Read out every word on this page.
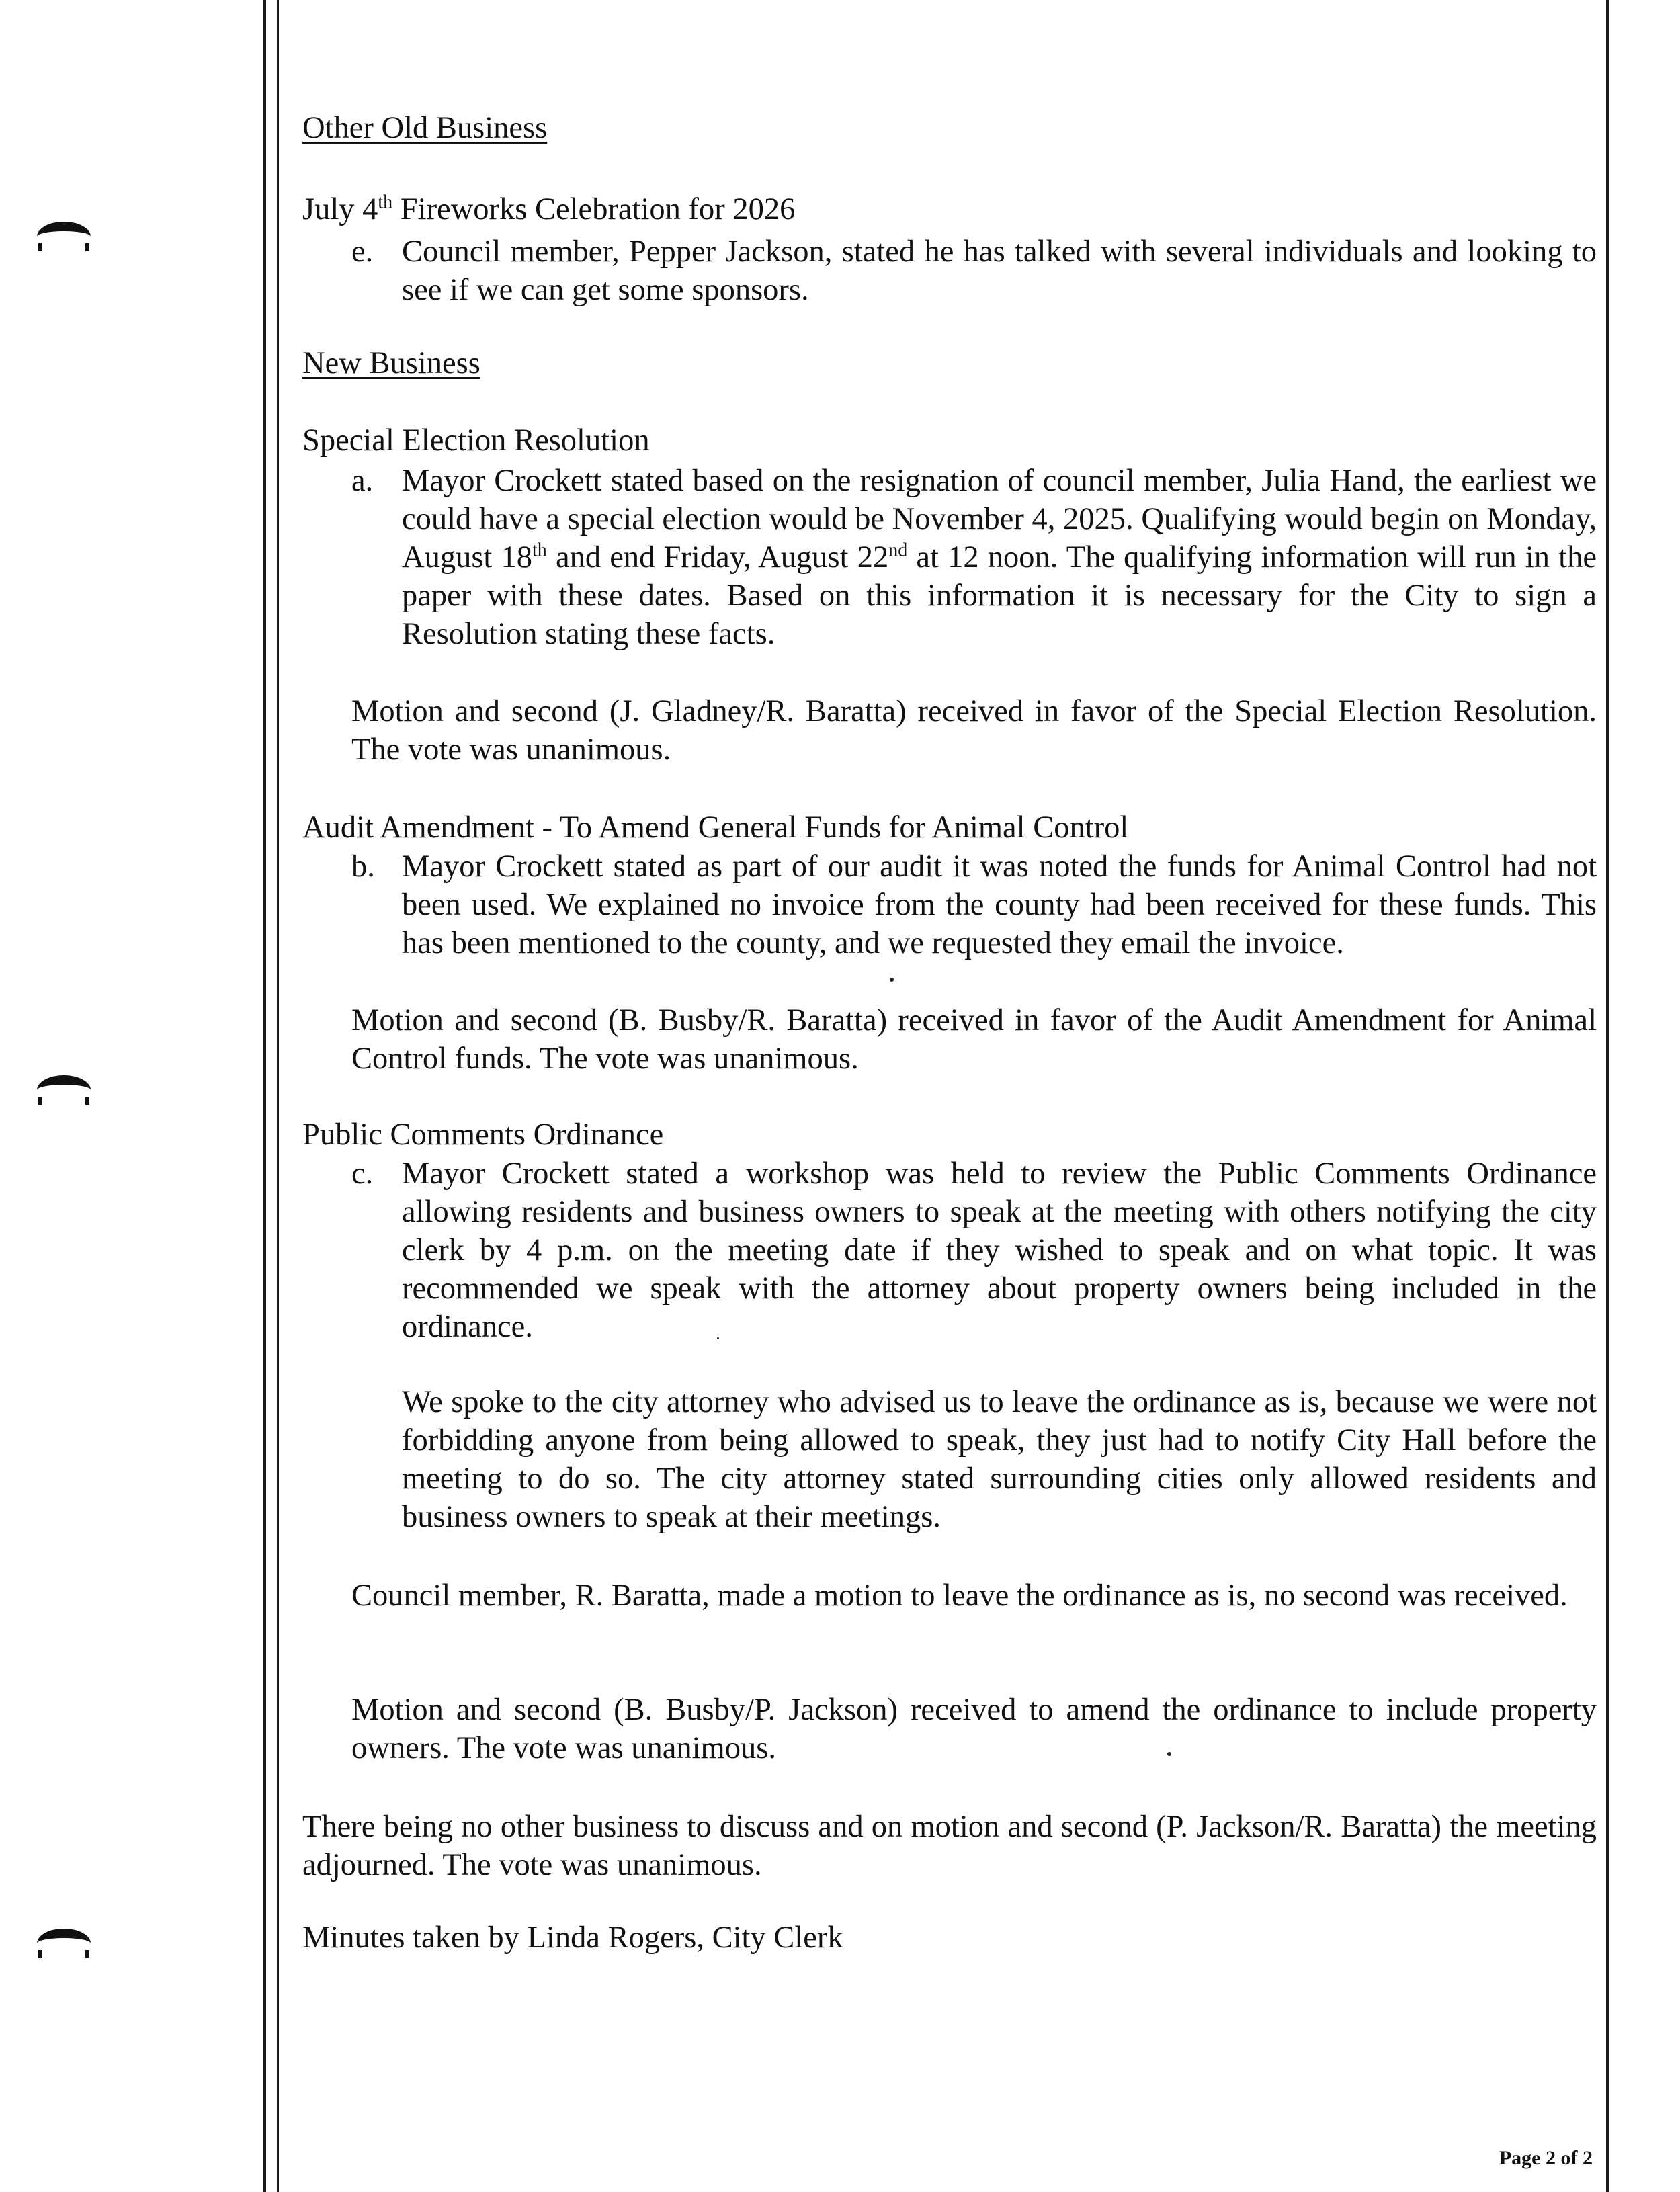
Other Old Business
July 4th Fireworks Celebration for 2026
e. Council member, Pepper Jackson, stated he has talked with several individuals and looking to see if we can get some sponsors.
New Business
Special Election Resolution
a. Mayor Crockett stated based on the resignation of council member, Julia Hand, the earliest we could have a special election would be November 4, 2025. Qualifying would begin on Monday, August 18th and end Friday, August 22nd at 12 noon. The qualifying information will run in the paper with these dates. Based on this information it is necessary for the City to sign a Resolution stating these facts.
Motion and second (J. Gladney/R. Baratta) received in favor of the Special Election Resolution. The vote was unanimous.
Audit Amendment - To Amend General Funds for Animal Control
b. Mayor Crockett stated as part of our audit it was noted the funds for Animal Control had not been used. We explained no invoice from the county had been received for these funds. This has been mentioned to the county, and we requested they email the invoice.
Motion and second (B. Busby/R. Baratta) received in favor of the Audit Amendment for Animal Control funds. The vote was unanimous.
Public Comments Ordinance
c. Mayor Crockett stated a workshop was held to review the Public Comments Ordinance allowing residents and business owners to speak at the meeting with others notifying the city clerk by 4 p.m. on the meeting date if they wished to speak and on what topic. It was recommended we speak with the attorney about property owners being included in the ordinance.
We spoke to the city attorney who advised us to leave the ordinance as is, because we were not forbidding anyone from being allowed to speak, they just had to notify City Hall before the meeting to do so. The city attorney stated surrounding cities only allowed residents and business owners to speak at their meetings.
Council member, R. Baratta, made a motion to leave the ordinance as is, no second was received.
Motion and second (B. Busby/P. Jackson) received to amend the ordinance to include property owners. The vote was unanimous.
There being no other business to discuss and on motion and second (P. Jackson/R. Baratta) the meeting adjourned. The vote was unanimous.
Minutes taken by Linda Rogers, City Clerk
Page 2 of 2
